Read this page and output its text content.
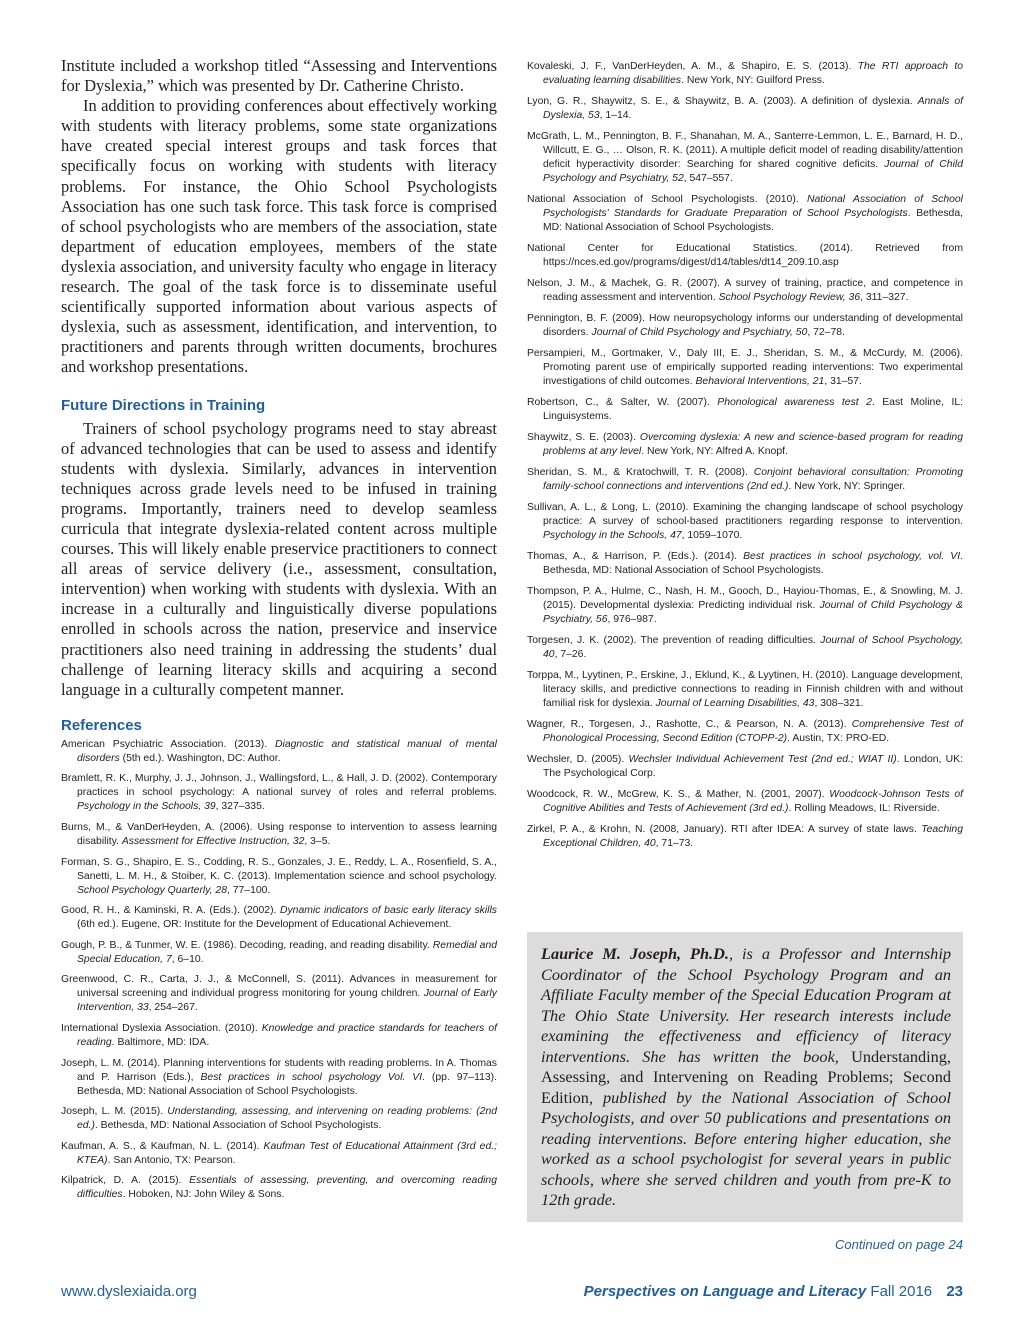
Institute included a workshop titled “Assessing and Interventions for Dyslexia,” which was presented by Dr. Catherine Christo.

In addition to providing conferences about effectively working with students with literacy problems, some state organizations have created special interest groups and task forces that specifically focus on working with students with literacy problems. For instance, the Ohio School Psychologists Association has one such task force. This task force is comprised of school psychologists who are members of the association, state department of education employees, members of the state dyslexia association, and university faculty who engage in literacy research. The goal of the task force is to disseminate useful scientifically supported information about various aspects of dyslexia, such as assessment, identification, and intervention, to practitioners and parents through written documents, brochures and workshop presentations.

Future Directions in Training

Trainers of school psychology programs need to stay abreast of advanced technologies that can be used to assess and identify students with dyslexia. Similarly, advances in intervention techniques across grade levels need to be infused in training programs. Importantly, trainers need to develop seamless curricula that integrate dyslexia-related content across multiple courses. This will likely enable preservice practitioners to connect all areas of service delivery (i.e., assessment, consultation, intervention) when working with students with dyslexia. With an increase in a culturally and linguistically diverse populations enrolled in schools across the nation, preservice and inservice practitioners also need training in addressing the students’ dual challenge of learning literacy skills and acquiring a second language in a culturally competent manner.

References

American Psychiatric Association. (2013). Diagnostic and statistical manual of mental disorders (5th ed.). Washington, DC: Author.

Bramlett, R. K., Murphy, J. J., Johnson, J., Wallingsford, L., & Hall, J. D. (2002). Contemporary practices in school psychology: A national survey of roles and referral problems. Psychology in the Schools, 39, 327–335.

Burns, M., & VanDerHeyden, A. (2006). Using response to intervention to assess learning disability. Assessment for Effective Instruction, 32, 3–5.

Forman, S. G., Shapiro, E. S., Codding, R. S., Gonzales, J. E., Reddy, L. A., Rosenfield, S. A., Sanetti, L. M. H., & Stoiber, K. C. (2013). Implementation science and school psychology. School Psychology Quarterly, 28, 77–100.

Good, R. H., & Kaminski, R. A. (Eds.). (2002). Dynamic indicators of basic early literacy skills (6th ed.). Eugene, OR: Institute for the Development of Educational Achievement.

Gough, P. B., & Tunmer, W. E. (1986). Decoding, reading, and reading disability. Remedial and Special Education, 7, 6–10.

Greenwood, C. R., Carta, J. J., & McConnell, S. (2011). Advances in measurement for universal screening and individual progress monitoring for young children. Journal of Early Intervention, 33, 254–267.

International Dyslexia Association. (2010). Knowledge and practice standards for teachers of reading. Baltimore, MD: IDA.

Joseph, L. M. (2014). Planning interventions for students with reading problems. In A. Thomas and P. Harrison (Eds.), Best practices in school psychology Vol. VI. (pp. 97–113). Bethesda, MD: National Association of School Psychologists.

Joseph, L. M. (2015). Understanding, assessing, and intervening on reading problems: (2nd ed.). Bethesda, MD: National Association of School Psychologists.

Kaufman, A. S., & Kaufman, N. L. (2014). Kaufman Test of Educational Attainment (3rd ed.; KTEA). San Antonio, TX: Pearson.

Kilpatrick, D. A. (2015). Essentials of assessing, preventing, and overcoming reading difficulties. Hoboken, NJ: John Wiley & Sons.

Kovaleski, J. F., VanDerHeyden, A. M., & Shapiro, E. S. (2013). The RTI approach to evaluating learning disabilities. New York, NY: Guilford Press.

Lyon, G. R., Shaywitz, S. E., & Shaywitz, B. A. (2003). A definition of dyslexia. Annals of Dyslexia, 53, 1–14.

McGrath, L. M., Pennington, B. F., Shanahan, M. A., Santerre-Lemmon, L. E., Barnard, H. D., Willcutt, E. G., … Olson, R. K. (2011). A multiple deficit model of reading disability/attention deficit hyperactivity disorder: Searching for shared cognitive deficits. Journal of Child Psychology and Psychiatry, 52, 547–557.

National Association of School Psychologists. (2010). National Association of School Psychologists’ Standards for Graduate Preparation of School Psychologists. Bethesda, MD: National Association of School Psychologists.

National Center for Educational Statistics. (2014). Retrieved from https://nces.ed.gov/programs/digest/d14/tables/dt14_209.10.asp

Nelson, J. M., & Machek, G. R. (2007). A survey of training, practice, and competence in reading assessment and intervention. School Psychology Review, 36, 311–327.

Pennington, B. F. (2009). How neuropsychology informs our understanding of developmental disorders. Journal of Child Psychology and Psychiatry, 50, 72–78.

Persampieri, M., Gortmaker, V., Daly III, E. J., Sheridan, S. M., & McCurdy, M. (2006). Promoting parent use of empirically supported reading interventions: Two experimental investigations of child outcomes. Behavioral Interventions, 21, 31–57.

Robertson, C., & Salter, W. (2007). Phonological awareness test 2. East Moline, IL: Linguisystems.

Shaywitz, S. E. (2003). Overcoming dyslexia: A new and science-based program for reading problems at any level. New York, NY: Alfred A. Knopf.

Sheridan, S. M., & Kratochwill, T. R. (2008). Conjoint behavioral consultation: Promoting family-school connections and interventions (2nd ed.). New York, NY: Springer.

Sullivan, A. L., & Long, L. (2010). Examining the changing landscape of school psychology practice: A survey of school-based practitioners regarding response to intervention. Psychology in the Schools, 47, 1059–1070.

Thomas, A., & Harrison, P. (Eds.). (2014). Best practices in school psychology, vol. VI. Bethesda, MD: National Association of School Psychologists.

Thompson, P. A., Hulme, C., Nash, H. M., Gooch, D., Hayiou-Thomas, E., & Snowling, M. J. (2015). Developmental dyslexia: Predicting individual risk. Journal of Child Psychology & Psychiatry, 56, 976–987.

Torgesen, J. K. (2002). The prevention of reading difficulties. Journal of School Psychology, 40, 7–26.

Torppa, M., Lyytinen, P., Erskine, J., Eklund, K., & Lyytinen, H. (2010). Language development, literacy skills, and predictive connections to reading in Finnish children with and without familial risk for dyslexia. Journal of Learning Disabilities, 43, 308–321.

Wagner, R., Torgesen, J., Rashotte, C., & Pearson, N. A. (2013). Comprehensive Test of Phonological Processing, Second Edition (CTOPP-2). Austin, TX: PRO-ED.

Wechsler, D. (2005). Wechsler Individual Achievement Test (2nd ed.; WIAT II). London, UK: The Psychological Corp.

Woodcock, R. W., McGrew, K. S., & Mather, N. (2001, 2007). Woodcock-Johnson Tests of Cognitive Abilities and Tests of Achievement (3rd ed.). Rolling Meadows, IL: Riverside.

Zirkel, P. A., & Krohn, N. (2008, January). RTI after IDEA: A survey of state laws. Teaching Exceptional Children, 40, 71–73.

Laurice M. Joseph, Ph.D., is a Professor and Internship Coordinator of the School Psychology Program and an Affiliate Faculty member of the Special Education Program at The Ohio State University. Her research interests include examining the effectiveness and efficiency of literacy interventions. She has written the book, Understanding, Assessing, and Intervening on Reading Problems; Second Edition, published by the National Association of School Psychologists, and over 50 publications and presentations on reading interventions. Before entering higher education, she worked as a school psychologist for several years in public schools, where she served children and youth from pre-K to 12th grade.

Continued on page 24
www.dyslexiaida.org	Perspectives on Language and Literacy Fall 2016 23
